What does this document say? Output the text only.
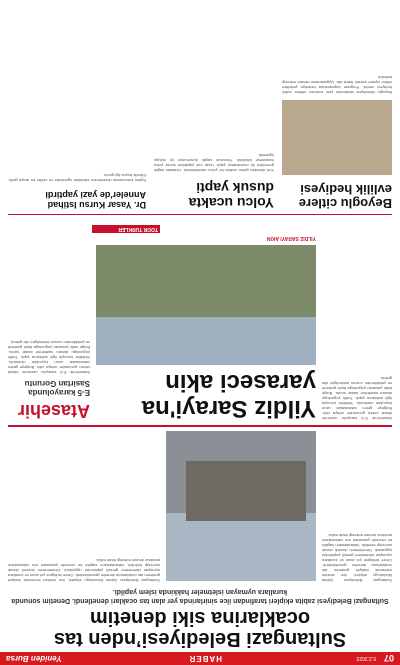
07
5.2.2022
HABER
Yeniden Bursa
Sultangazi Belediyesi’nden tas ocaklarina siki denetim
Sultangazi Belediyesi zabita ekipleri tarafindan ilce sinirlarinda yer alan tas ocaklari denetlendi. Denetim sonunda kurallara uymayan isletmeler hakkinda islem yapildi.
Sultangazi Belediyesi Zabita Mudurlugu ekipleri, ilce sinirlari icerisinde faaliyet gosteren tas ocaklarinda denetim gerceklestirdi. Cevre kirliligine yol acan ve kurallara uymayan isletmelere gerekli yaptirimlar uygulandi. Denetimlerin duzenli olarak surecegi belirtildi. Vatandaslarin saglikli bir cevrede yasamasi icin calismalarin aralıksız devam edecegi ifade edildi.
Sultangazi Belediyesi Zabita Mudurlugu ekipleri, ilce sinirlari icerisinde faaliyet gosteren tas ocaklarinda denetim gerceklestirdi. Cevre kirliligine yol acan ve kurallara uymayan isletmelere gerekli yaptirimlar uygulandi. Denetimlerin duzenli olarak surecegi belirtildi. Vatandaslarin saglikli bir cevrede yasamasi icin calismalarin aralıksız devam edecegi ifade edildi.
Atasehir'de E-5 karayolu uzerinde dikkat ceken goruntuler ortaya cikti. Bolgeye gelen vatandaslar uzun kuyruklar olusturdu. Yetkililer konuyla ilgili aciklama yapti. Trafik yogunlugu aksam saatlerine kadar surdu. Bolge halki yasanan yogunluga tepki gosterdi ve yetkililerden cozum bekledigini dile getirdi.
Yildiz Sarayi'na yaraseci akin
Atasehir
E-5 karayolunda Sasirtan Goruntu
YILDIZ SARAYI AKIN
TOOR TURKLER
Atasehir'de E-5 karayolu uzerinde dikkat ceken goruntuler ortaya cikti. Bolgeye gelen vatandaslar uzun kuyruklar olusturdu. Yetkililer konuyla ilgili aciklama yapti. Trafik yogunlugu aksam saatlerine kadar surdu. Bolge halki yasanan yogunluga tepki gosterdi ve yetkililerden cozum bekledigini dile getirdi.
Beyoglu citlere evlilik hediyesi
Beyoglu Belediyesi tarafindan yeni evlenen ciftlere evlilik hediyesi verildi. Program kapsaminda belediye yetkilileri ciftleri ziyaret ederek tebrik etti. Uygulamanin devam edecegi belirtildi.
Yolcu ucakta dusuk yapti
Yurt disindan gelen ucakta bir yolcu rahatsizlandi. Ucaktaki saglik gorevlileri ilk mudahaleyi yapti. Ucak inis yaptiktan sonra yolcu hastaneye kaldirildi. Yolcunun saglik durumunun iyi oldugu ogrenildi.
Dr. Yasar Kursu Istihad Anneler'de yazi yaptirdi
Egitim kurumunda duzenlenen etkinlikte ogrenciler ve veliler bir araya geldi. Etkinlik buyuk ilgi gordu.
